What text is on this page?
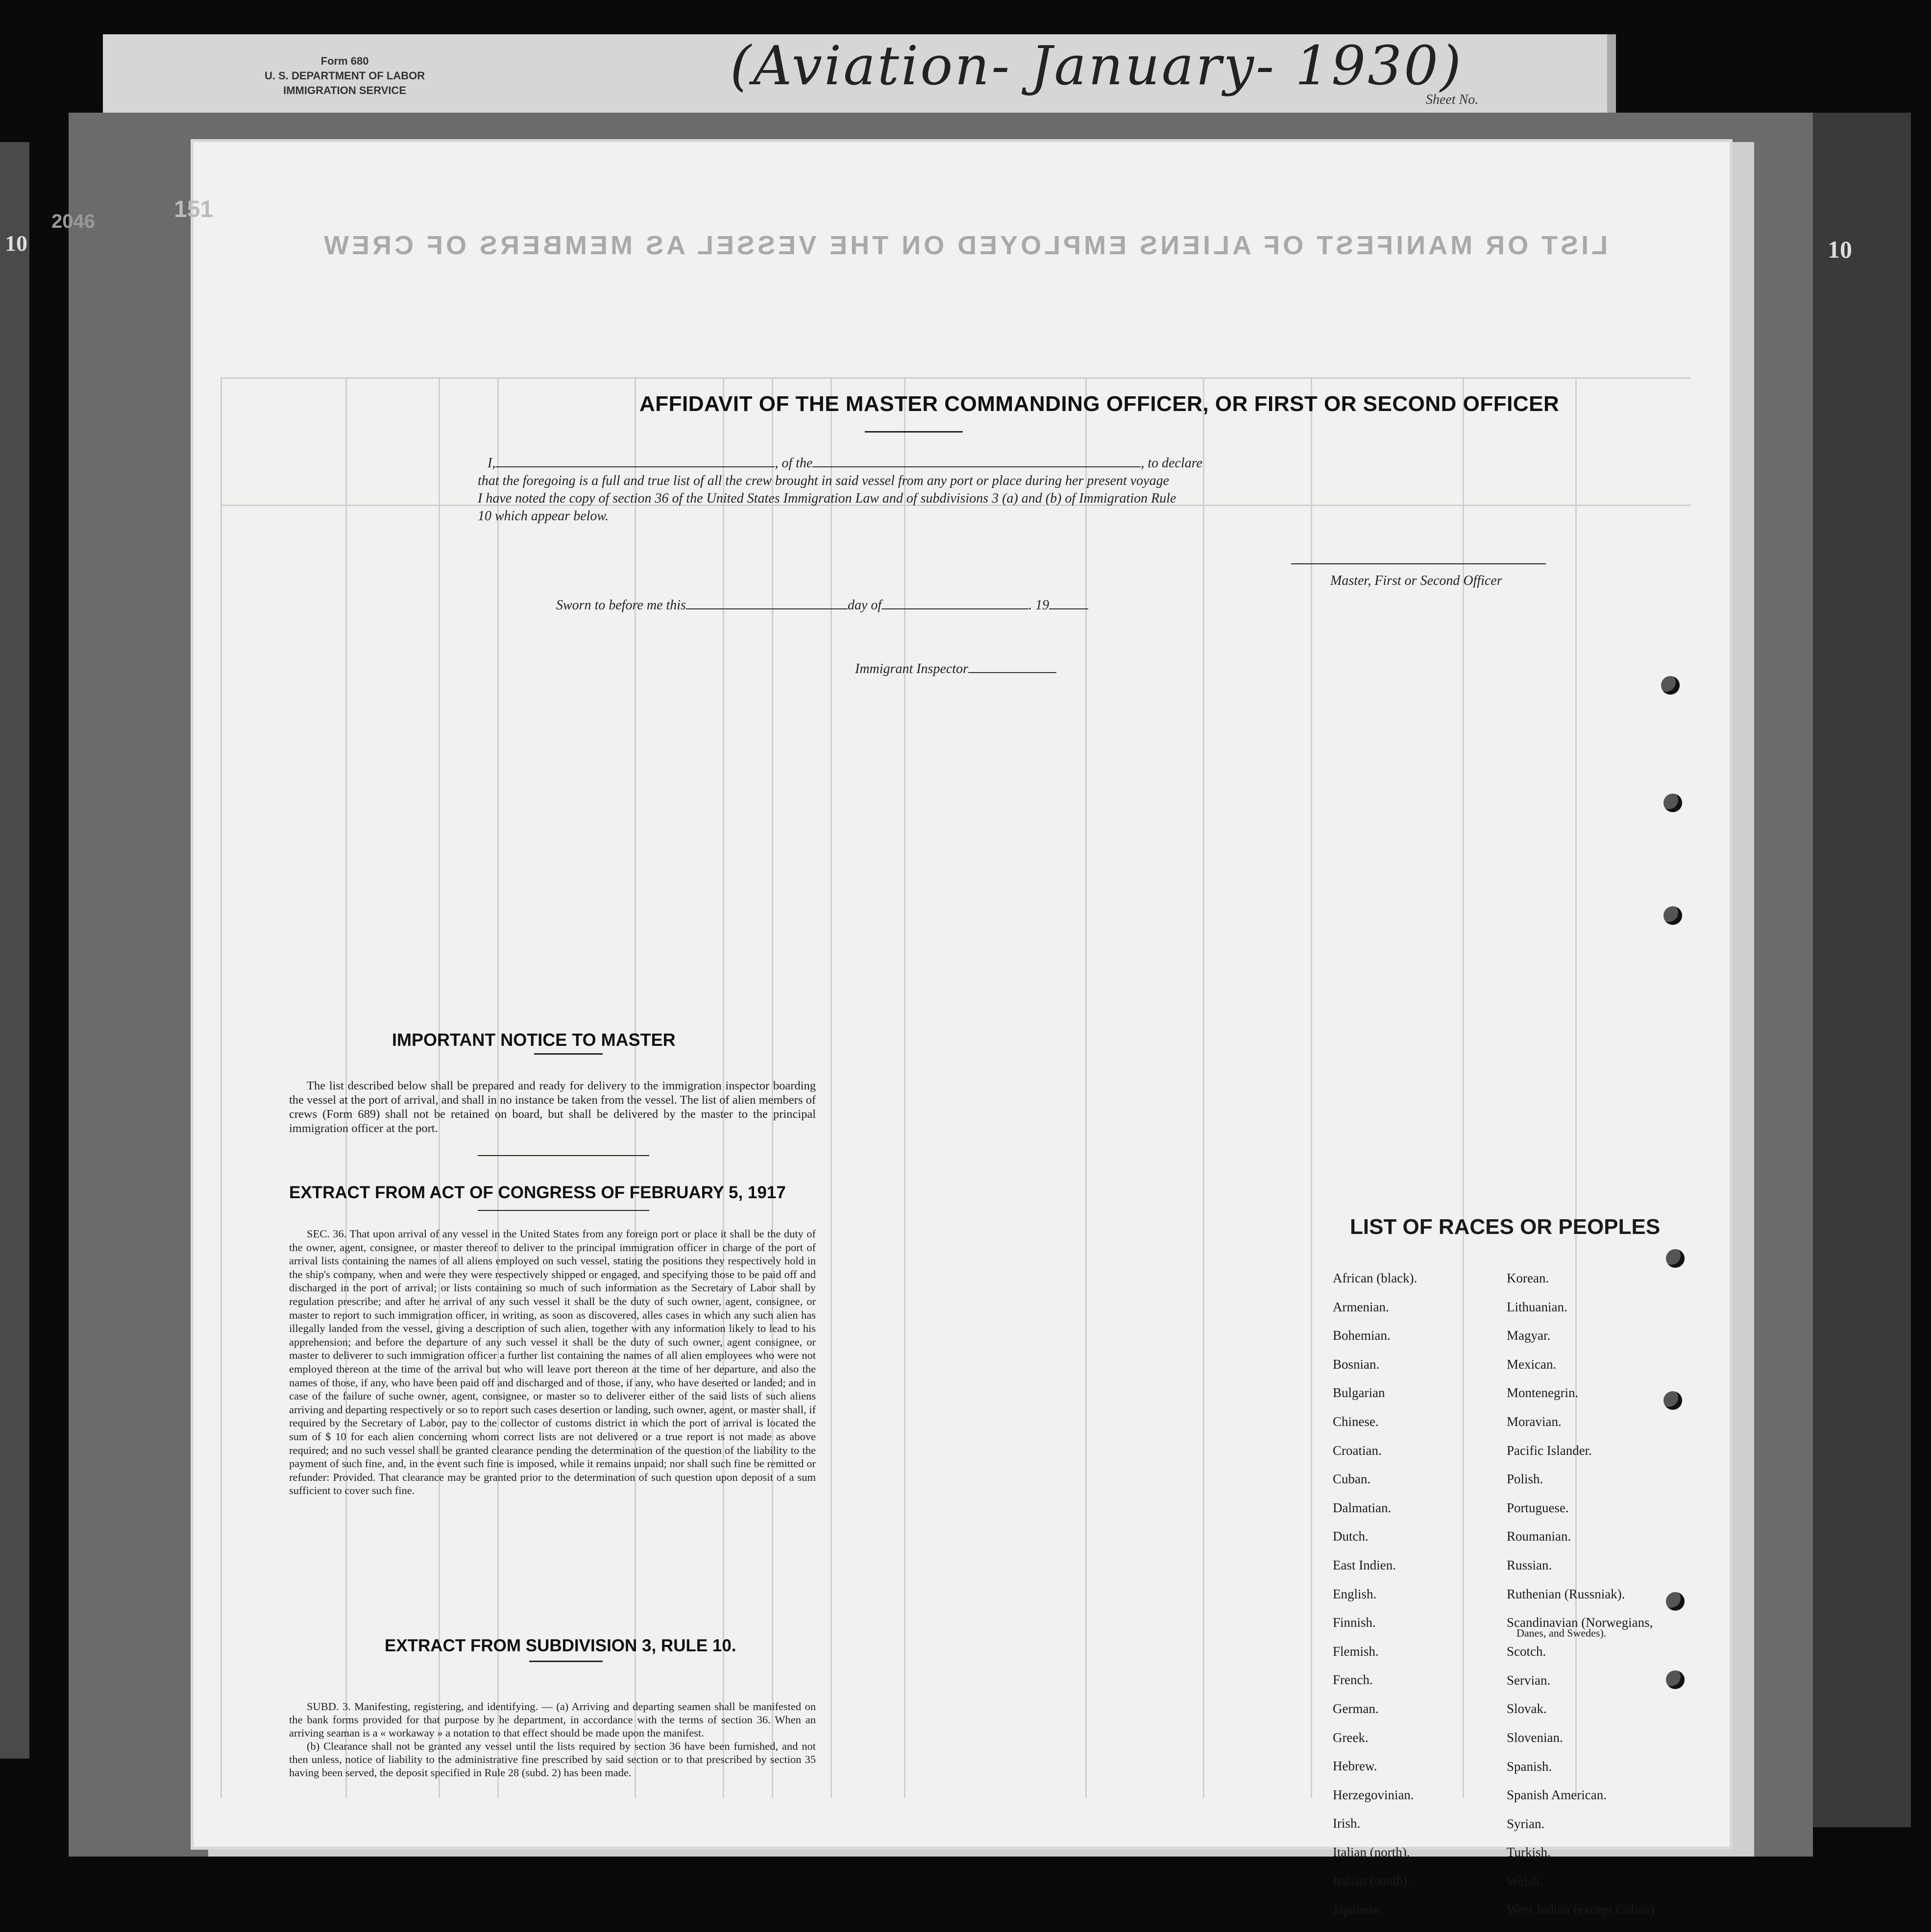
Form 680
U. S. DEPARTMENT OF LABOR
IMMIGRATION SERVICE	(Aviation- January- 1930)
Sheet No.
10
10	LIST OR MANIFEST OF ALIENS EMPLOYED ON THE VESSEL AS MEMBERS OF CREW
151
2046
AFFIDAVIT OF THE MASTER COMMANDING OFFICER, OR FIRST OR SECOND OFFICER
I,	, of the	, to declare
that the foregoing is a full and true list of all the crew brought in said vessel from any port or place during her present voyage
I have noted the copy of section 36 of the United States Immigration Law and of subdivisions 3 (a) and (b) of Immigration Rule
10 which appear below.
Master, First or Second Officer
Sworn to before me this	day of	. 19
Immigrant Inspector
IMPORTANT NOTICE TO MASTER

The list described below shall be prepared and ready for delivery to the immigration inspector boarding the vessel at the port of arrival, and shall in no instance be taken from the vessel. The list of alien members of crews (Form 689) shall not be retained on board, but shall be delivered by the master to the principal immigration officer at the port.

EXTRACT FROM ACT OF CONGRESS OF FEBRUARY 5, 1917

SEC. 36. That upon arrival of any vessel in the United States from any foreign port or place it shall be the duty of the owner, agent, consignee, or master thereof to deliver to the principal immigration officer in charge of the port of arrival lists containing the names of all aliens employed on such vessel, stating the positions they respectively hold in the ship's company, when and were they were respectively shipped or engaged, and specifying those to be paid off and discharged in the port of arrival; or lists containing so much of such information as the Secretary of Labor shall by regulation prescribe; and after he arrival of any such vessel it shall be the duty of such owner, agent, consignee, or master to report to such immigration officer, in writing, as soon as discovered, alles cases in which any such alien has illegally landed from the vessel, giving a description of such alien, together with any information likely to lead to his apprehension; and before the departure of any such vessel it shall be the duty of such owner, agent consignee, or master to deliverer to such immigration officer a further list containing the names of all alien employees who were not employed thereon at the time of the arrival but who will leave port thereon at the time of her departure, and also the names of those, if any, who have been paid off and discharged and of those, if any, who have deserted or landed; and in case of the failure of suche owner, agent, consignee, or master so to deliverer either of the said lists of such aliens arriving and departing respectively or so to report such cases desertion or landing, such owner, agent, or master shall, if required by the Secretary of Labor, pay to the collector of customs district in which the port of arrival is located the sum of $ 10 for each alien concerning whom correct lists are not delivered or a true report is not made as above required; and no such vessel shall be granted clearance pending the determination of the question of the liability to the payment of such fine, and, in the event such fine is imposed, while it remains unpaid; nor shall such fine be remitted or refunder: Provided. That clearance may be granted prior to the determination of such question upon deposit of a sum sufficient to cover such fine.

EXTRACT FROM SUBDIVISION 3, RULE 10.

SUBD. 3. Manifesting, registering, and identifying. — (a) Arriving and departing seamen shall be manifested on the bank forms provided for that purpose by he department, in accordance with the terms of section 36. When an arriving seaman is a « workaway » a notation to that effect should be made upon the manifest.

(b) Clearance shall not be granted any vessel until the lists required by section 36 have been furnished, and not then unless, notice of liability to the administrative fine prescribed by said section or to that prescribed by section 35 having been served, the deposit specified in Rule 28 (subd. 2) has been made.

LIST OF RACES OR PEOPLES
African (black).
Armenian.
Bohemian.
Bosnian.
Bulgarian
Chinese.
Croatian.
Cuban.
Dalmatian.
Dutch.
East Indien.
English.
Finnish.
Flemish.
French.
German.
Greek.
Hebrew.
Herzegovinian.
Irish.
Italian (north).
Italian (south).
Japanese.
Korean.
Lithuanian.
Magyar.
Mexican.
Montenegrin.
Moravian.
Pacific Islander.
Polish.
Portuguese.
Roumanian.
Russian.
Ruthenian (Russniak).
Scandinavian (Norwegians,
Danes, and Swedes).
Scotch.
Servian.
Slovak.
Slovenian.
Spanish.
Spanish American.
Syrian.
Turkish.
Welsh.
West Indian (except Cuban)
